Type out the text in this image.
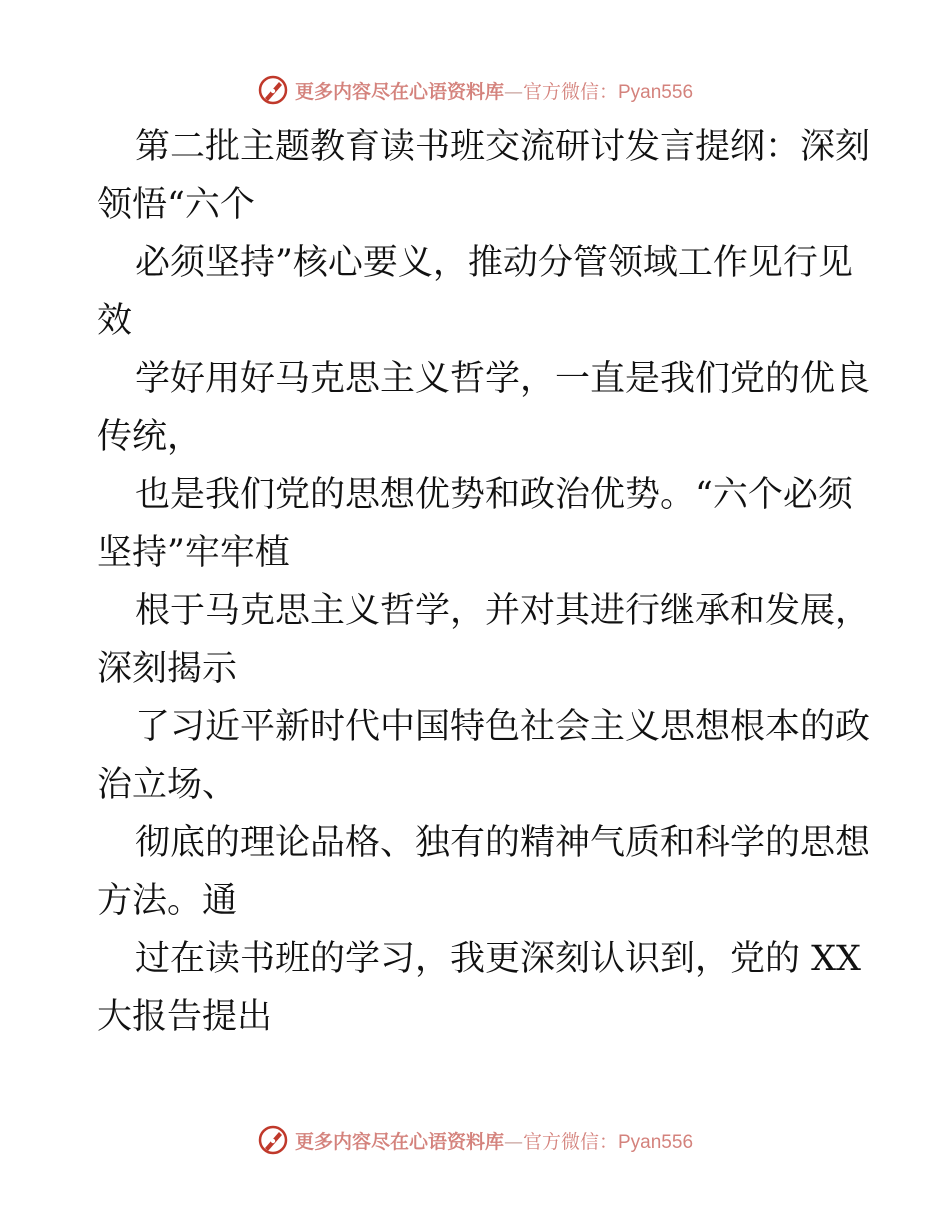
更多内容尽在心语资料库—官方微信：Pyan556
第二批主题教育读书班交流研讨发言提纲：深刻
领悟“六个
必须坚持”核心要义，推动分管领域工作见行见
效
学好用好马克思主义哲学，一直是我们党的优良
传统，
也是我们党的思想优势和政治优势。“六个必须
坚持”牢牢植
根于马克思主义哲学，并对其进行继承和发展，
深刻揭示
了习近平新时代中国特色社会主义思想根本的政
治立场、
彻底的理论品格、独有的精神气质和科学的思想
方法。通
过在读书班的学习，我更深刻认识到，党的 XX
大报告提出
更多内容尽在心语资料库—官方微信：Pyan556
